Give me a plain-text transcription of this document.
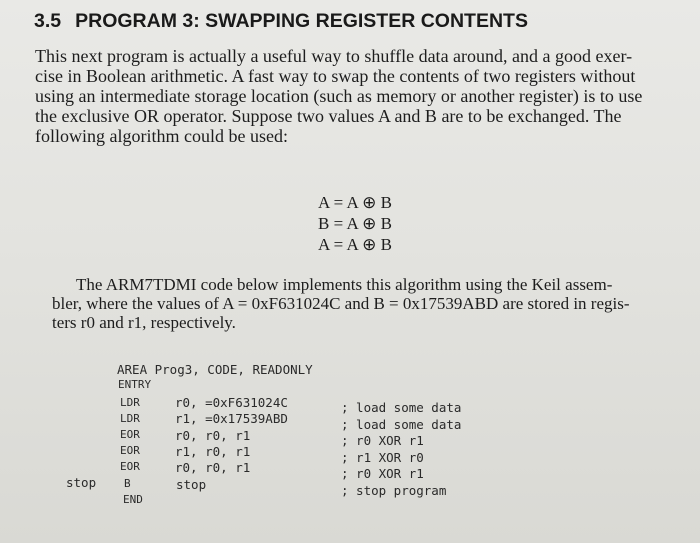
3.5 PROGRAM 3: SWAPPING REGISTER CONTENTS
This next program is actually a useful way to shuffle data around, and a good exer-
cise in Boolean arithmetic. A fast way to swap the contents of two registers without
using an intermediate storage location (such as memory or another register) is to use
the exclusive OR operator. Suppose two values A and B are to be exchanged. The
following algorithm could be used:
A = A ⊕ B
B = A ⊕ B
A = A ⊕ B
The ARM7TDMI code below implements this algorithm using the Keil assem-
bler, where the values of A = 0xF631024C and B = 0x17539ABD are stored in regis-
ters r0 and r1, respectively.
AREA Prog3, CODE, READONLY
ENTRY
LDR	r0, =0xF631024C	; load some data
LDR	r1, =0x17539ABD	; load some data
EOR	r0, r0, r1	; r0 XOR r1
EOR	r1, r0, r1	; r1 XOR r0
EOR	r0, r0, r1	; r0 XOR r1
stop	B	stop	; stop program
END
